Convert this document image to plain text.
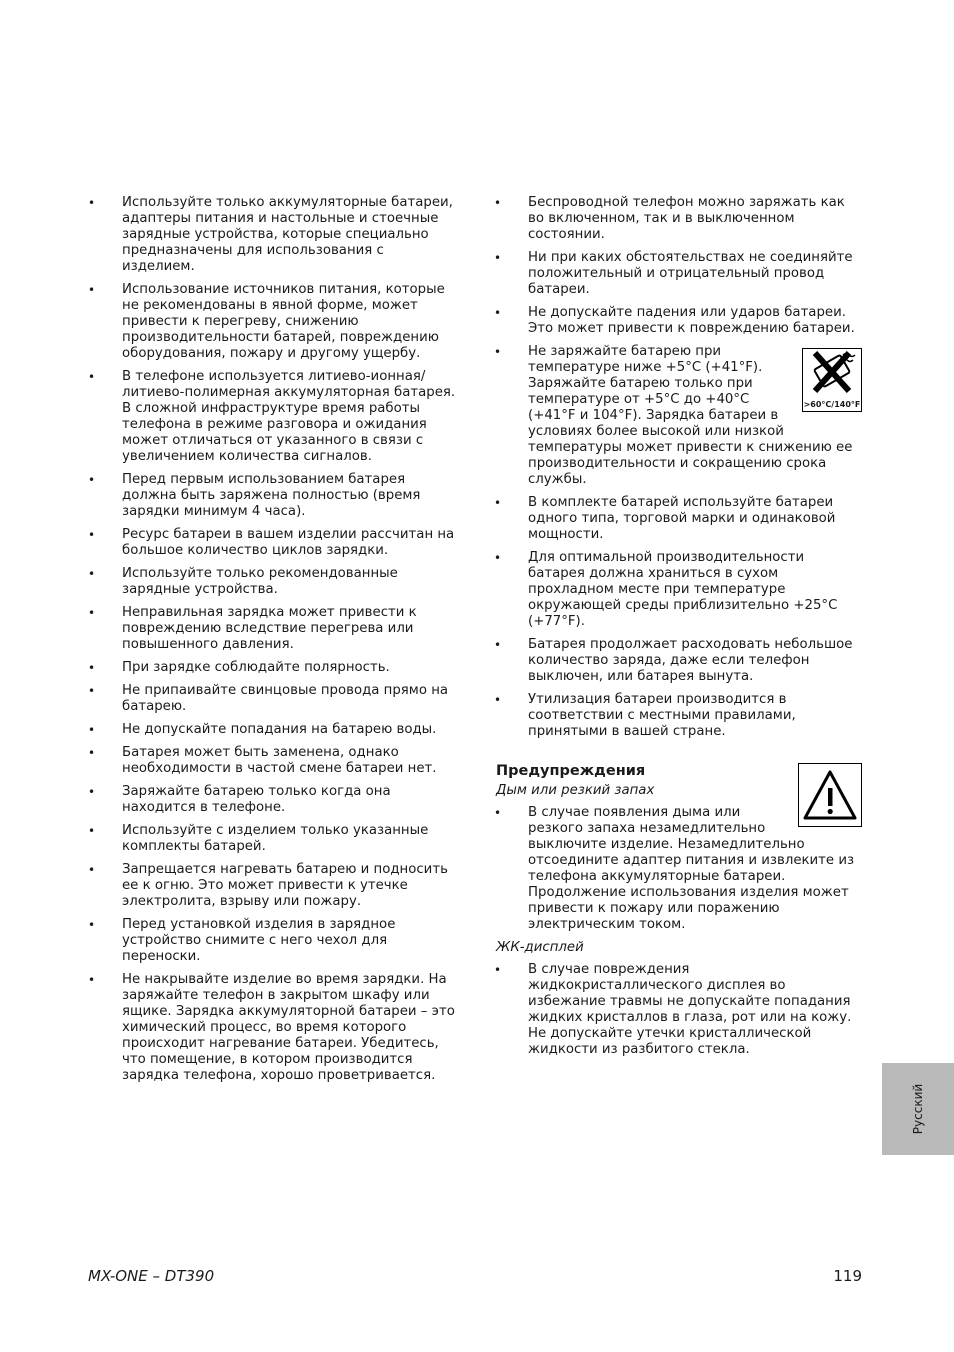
• Используйте только аккумуляторные батареи, адаптеры питания и настольные и стоечные зарядные устройства, которые специально предназначены для использования с изделием.
• Использование источников питания, которые не рекомендованы в явной форме, может привести к перегреву, снижению производительности батарей, повреждению оборудования, пожару и другому ущербу.
• В телефоне используется литиево-ионная/литиево-полимерная аккумуляторная батарея. В сложной инфраструктуре время работы телефона в режиме разговора и ожидания может отличаться от указанного в связи с увеличением количества сигналов.
• Перед первым использованием батарея должна быть заряжена полностью (время зарядки минимум 4 часа).
• Ресурс батареи в вашем изделии рассчитан на большое количество циклов зарядки.
• Используйте только рекомендованные зарядные устройства.
• Неправильная зарядка может привести к повреждению вследствие перегрева или повышенного давления.
• При зарядке соблюдайте полярность.
• Не припаивайте свинцовые провода прямо на батарею.
• Не допускайте попадания на батарею воды.
• Батарея может быть заменена, однако необходимости в частой смене батареи нет.
• Заряжайте батарею только когда она находится в телефоне.
• Используйте с изделием только указанные комплекты батарей.
• Запрещается нагревать батарею и подносить ее к огню. Это может привести к утечке электролита, взрыву или пожару.
• Перед установкой изделия в зарядное устройство снимите с него чехол для переноски.
• Не накрывайте изделие во время зарядки. На заряжайте телефон в закрытом шкафу или ящике. Зарядка аккумуляторной батареи – это химический процесс, во время которого происходит нагревание батареи. Убедитесь, что помещение, в котором производится зарядка телефона, хорошо проветривается.
• Беспроводной телефон можно заряжать как во включенном, так и в выключенном состоянии.
• Ни при каких обстоятельствах не соединяйте положительный и отрицательный провод батареи.
• Не допускайте падения или ударов батареи. Это может привести к повреждению батареи.
• >60°C/140°F
Не заряжайте батарею при температуре ниже +5°C (+41°F). Заряжайте батарею только при температуре от +5°C до +40°C (+41°F и 104°F). Зарядка батареи в условиях более высокой или низкой температуры может привести к снижению ее производительности и сокращению срока службы.
• В комплекте батарей используйте батареи одного типа, торговой марки и одинаковой мощности.
• Для оптимальной производительности батарея должна храниться в сухом прохладном месте при температуре окружающей среды приблизительно +25°C (+77°F).
• Батарея продолжает расходовать небольшое количество заряда, даже если телефон выключен, или батарея вынута.
• Утилизация батареи производится в соответствии с местными правилами, принятыми в вашей стране.
Предупреждения
Дым или резкий запах
• В случае появления дыма или резкого запаха незамедлительно выключите изделие. Незамедлительно отсоедините адаптер питания и извлеките из телефона аккумуляторные батареи. Продолжение использования изделия может привести к пожару или поражению электрическим током.
ЖК-дисплей
• В случае повреждения жидкокристаллического дисплея во избежание травмы не допускайте попадания жидких кристаллов в глаза, рот или на кожу. Не допускайте утечки кристаллической жидкости из разбитого стекла.
Русский
MX-ONE – DT390	119
